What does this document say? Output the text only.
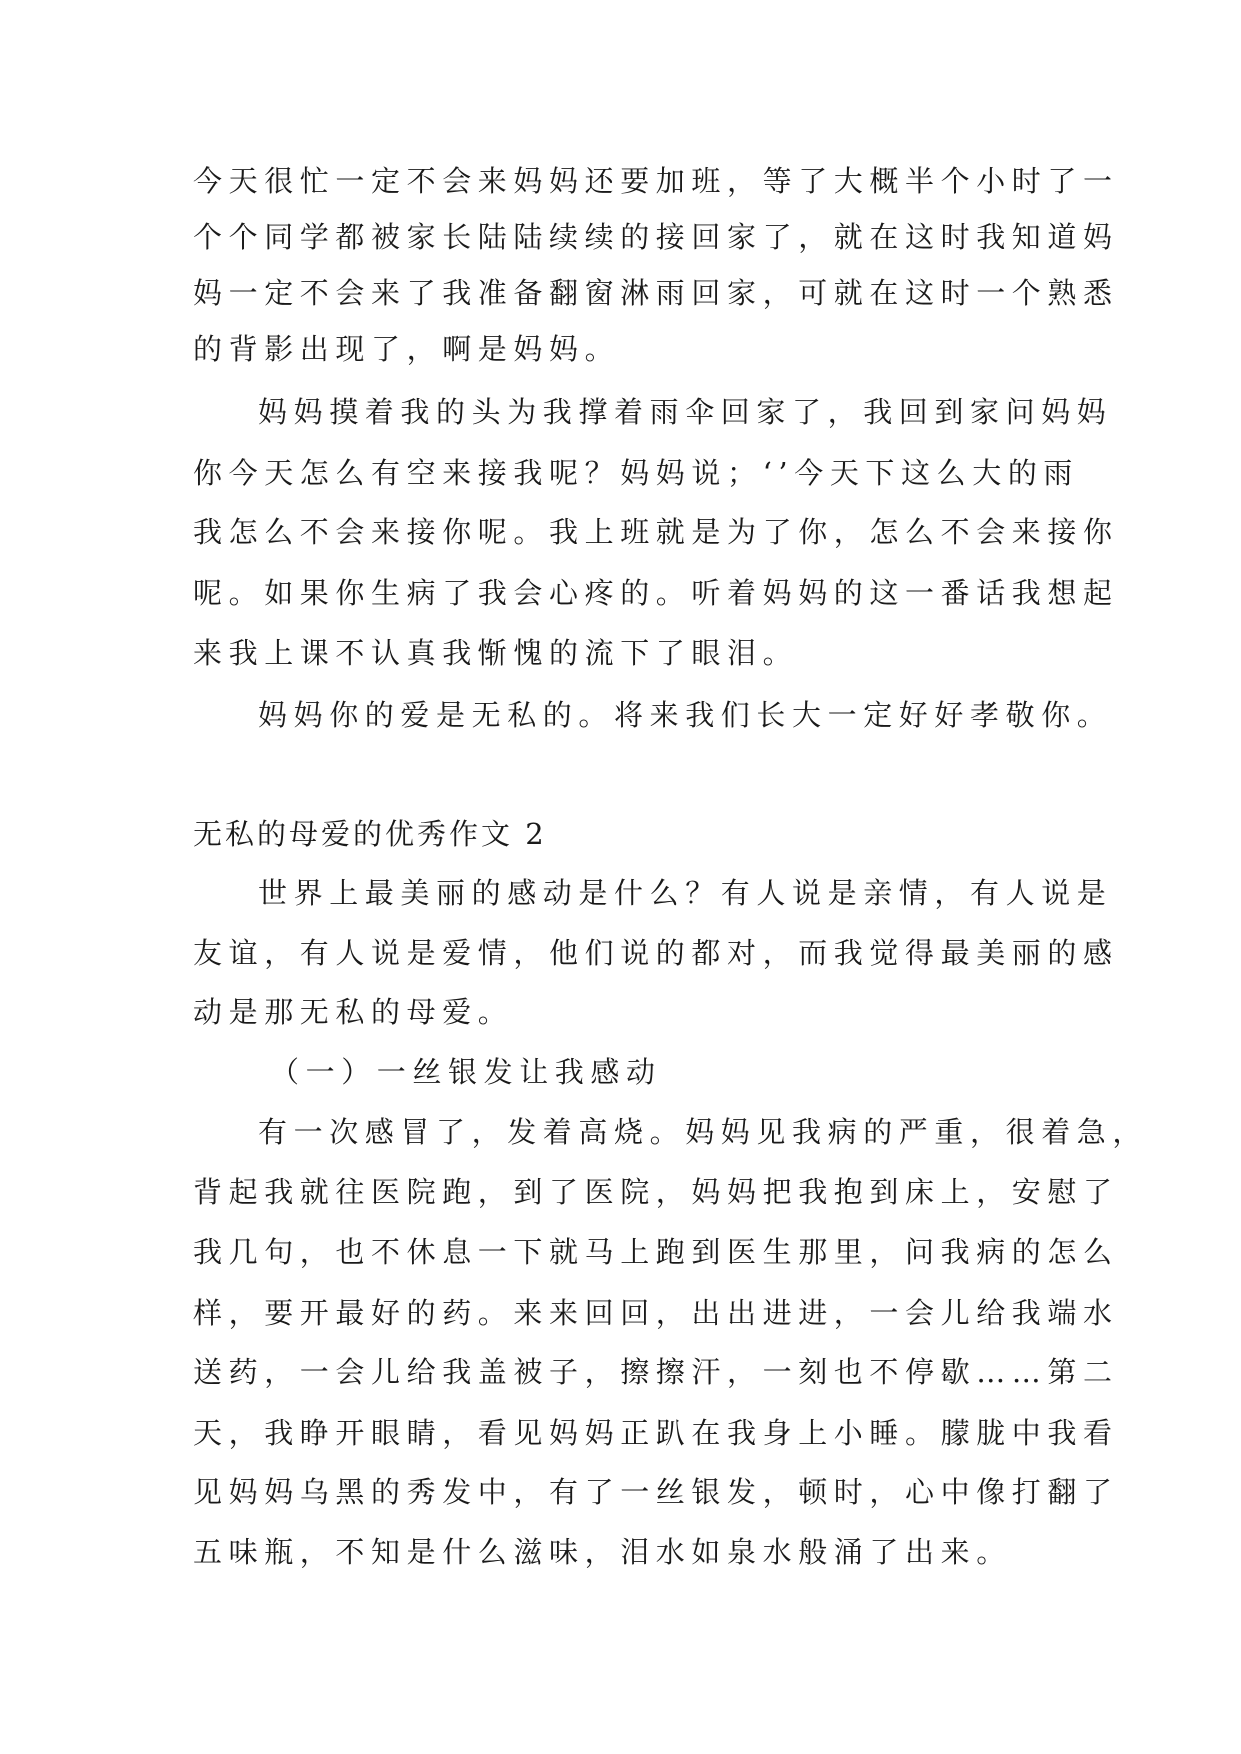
今天很忙一定不会来妈妈还要加班，等了大概半个小时了一
个个同学都被家长陆陆续续的接回家了，就在这时我知道妈
妈一定不会来了我准备翻窗淋雨回家，可就在这时一个熟悉
的背影出现了，啊是妈妈。
妈妈摸着我的头为我撑着雨伞回家了，我回到家问妈妈
你今天怎么有空来接我呢？妈妈说；‘’今天下这么大的雨
我怎么不会来接你呢。我上班就是为了你，怎么不会来接你
呢。如果你生病了我会心疼的。听着妈妈的这一番话我想起
来我上课不认真我惭愧的流下了眼泪。
妈妈你的爱是无私的。将来我们长大一定好好孝敬你。
无私的母爱的优秀作文 2
世界上最美丽的感动是什么？有人说是亲情，有人说是
友谊，有人说是爱情，他们说的都对，而我觉得最美丽的感
动是那无私的母爱。
（一）一丝银发让我感动
有一次感冒了，发着高烧。妈妈见我病的严重，很着急，
背起我就往医院跑，到了医院，妈妈把我抱到床上，安慰了
我几句，也不休息一下就马上跑到医生那里，问我病的怎么
样，要开最好的药。来来回回，出出进进，一会儿给我端水
送药，一会儿给我盖被子，擦擦汗，一刻也不停歇……第二
天，我睁开眼睛，看见妈妈正趴在我身上小睡。朦胧中我看
见妈妈乌黑的秀发中，有了一丝银发，顿时，心中像打翻了
五味瓶，不知是什么滋味，泪水如泉水般涌了出来。
